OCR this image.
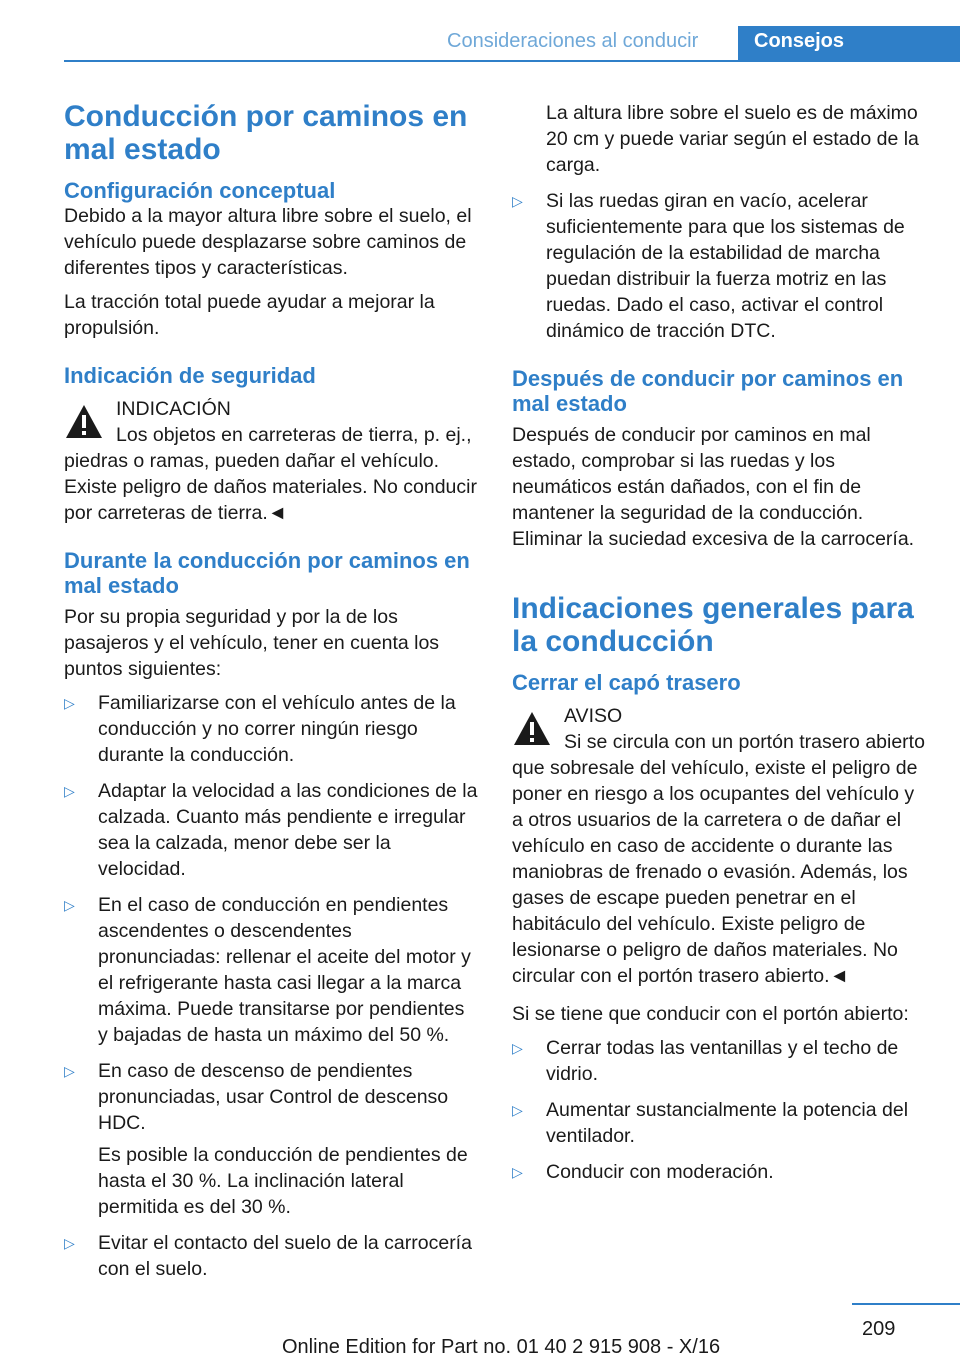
Consideraciones al conducir	Consejos
Conducción por caminos en mal estado
Configuración conceptual

Debido a la mayor altura libre sobre el suelo, el vehículo puede desplazarse sobre caminos de diferentes tipos y características.

La tracción total puede ayudar a mejorar la propulsión.

Indicación de seguridad
INDICACIÓN
Los objetos en carreteras de tierra, p. ej., piedras o ramas, pueden dañar el vehículo. Existe peligro de daños materiales. No conducir por carreteras de tierra.◄
Durante la conducción por caminos en mal estado

Por su propia seguridad y por la de los pasajeros y el vehículo, tener en cuenta los puntos siguientes:

▷ Familiarizarse con el vehículo antes de la conducción y no correr ningún riesgo durante la conducción.
▷ Adaptar la velocidad a las condiciones de la calzada. Cuanto más pendiente e irregular sea la calzada, menor debe ser la velocidad.
▷ En el caso de conducción en pendientes ascendentes o descendentes pronunciadas: rellenar el aceite del motor y el refrigerante hasta casi llegar a la marca máxima. Puede transitarse por pendientes y bajadas de hasta un máximo del 50 %.
▷ En caso de descenso de pendientes pronunciadas, usar Control de descenso HDC.

Es posible la conducción de pendientes de hasta el 30 %. La inclinación lateral permitida es del 30 %.

▷ Evitar el contacto del suelo de la carrocería con el suelo.

La altura libre sobre el suelo es de máximo 20 cm y puede variar según el estado de la carga.

▷ Si las ruedas giran en vacío, acelerar suficientemente para que los sistemas de regulación de la estabilidad de marcha puedan distribuir la fuerza motriz en las ruedas. Dado el caso, activar el control dinámico de tracción DTC.
Después de conducir por caminos en mal estado

Después de conducir por caminos en mal estado, comprobar si las ruedas y los neumáticos están dañados, con el fin de mantener la seguridad de la conducción. Eliminar la suciedad excesiva de la carrocería.

Indicaciones generales para la conducción
Cerrar el capó trasero
AVISO
Si se circula con un portón trasero abierto que sobresale del vehículo, existe el peligro de poner en riesgo a los ocupantes del vehículo y a otros usuarios de la carretera o de dañar el vehículo en caso de accidente o durante las maniobras de frenado o evasión. Además, los gases de escape pueden penetrar en el habitáculo del vehículo. Existe peligro de lesionarse o peligro de daños materiales. No circular con el portón trasero abierto.◄

Si se tiene que conducir con el portón abierto:

▷ Cerrar todas las ventanillas y el techo de vidrio.
▷ Aumentar sustancialmente la potencia del ventilador.
▷ Conducir con moderación.
209
Online Edition for Part no. 01 40 2 915 908 - X/16
